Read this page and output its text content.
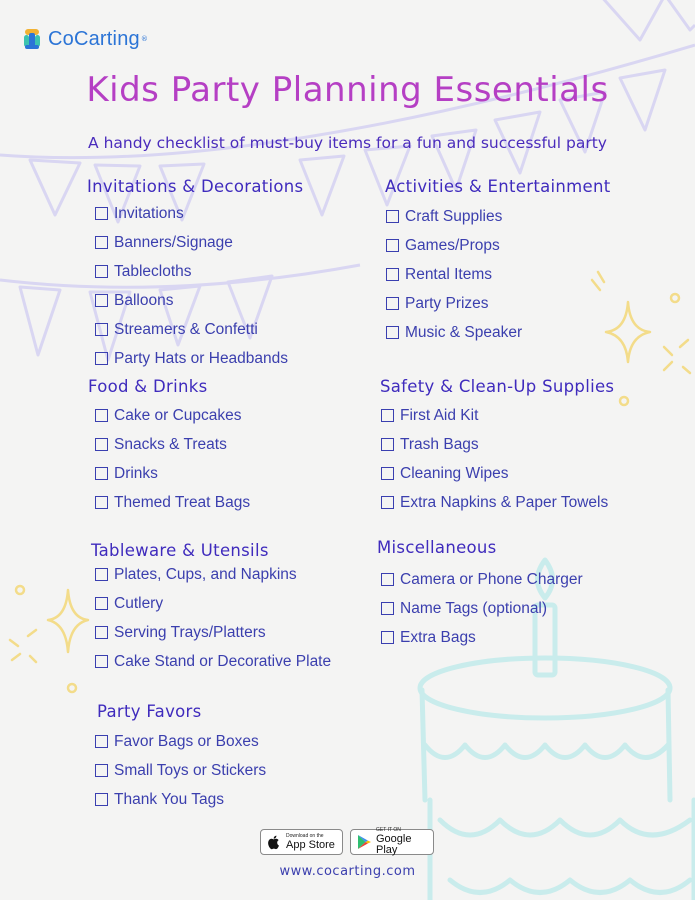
CoCarting ®
Kids Party Planning Essentials
A handy checklist of must-buy items for a fun and successful party
Invitations & Decorations
Invitations
Banners/Signage
Tablecloths
Balloons
Streamers & Confetti
Party Hats or Headbands
Food & Drinks
Cake or Cupcakes
Snacks & Treats
Drinks
Themed Treat Bags
Tableware & Utensils
Plates, Cups, and Napkins
Cutlery
Serving Trays/Platters
Cake Stand or Decorative Plate
Party Favors
Favor Bags or Boxes
Small Toys or Stickers
Thank You Tags
Activities & Entertainment
Craft Supplies
Games/Props
Rental Items
Party Prizes
Music & Speaker
Safety & Clean-Up Supplies
First Aid Kit
Trash Bags
Cleaning Wipes
Extra Napkins & Paper Towels
Miscellaneous
Camera or Phone Charger
Name Tags (optional)
Extra Bags
Download on the
App Store
GET IT ON
Google Play
www.cocarting.com
